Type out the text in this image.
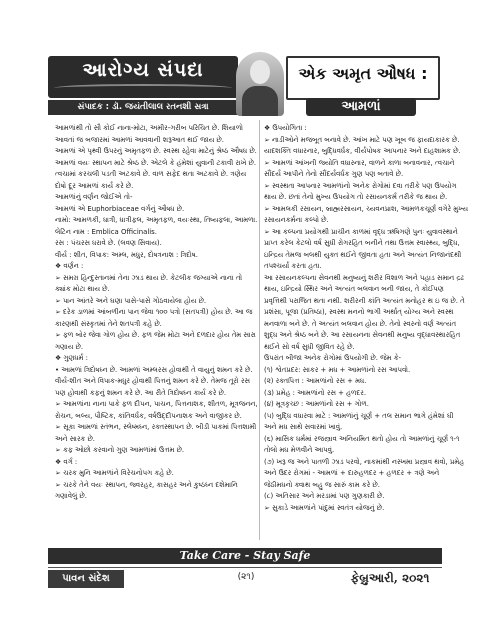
આરોગ્ય સંપદા
સંપાદક : ડૉ. જયંતીલાલ રતનશી સત્રા
એક અમૃત ઔષધ :
આમળાં

આમળાંથી તો સૌ કોઈ નાના-મોટા, અમીર-ગરીબ પરિચિત છે. શિયાળો આવતાં જ બજારમાં આમળાં આવવાની શરૂઆત થઈ જાય છે.

આમળાં એ પૃથ્વી ઉપરનું અમૃતફળ છે. સ્વસ્થ રહેવા માટેનું શ્રેષ્ઠ ઔષધ છે. આમળાં વયઃ સ્થાપન માટે શ્રેષ્ઠ છે. એટલે કે હંમેશાં યુવાની ટકાવી રાખે છે. ત્વચામાં કરચલી પડતી અટકાવે છે. વાળ સફેદ થતા અટકાવે છે. ત્રણેય દોષો દૂર આમળાં કાર્ય કરે છે.

આમળાંનું વર્ણન જોઈએ તો-

આમળાં એ Euphorbiaceae વર્ગનું ઔષધ છે.

નામો: આમળકી, ધાત્રી, ધાત્રીફલ, અમૃતફળ, વયઃસ્થા, તિષ્યફલા, આમળા.

લેટિન નામ : Emblica Officinalis.

રસ : પંચરસ ધરાવે છે. (લવણ સિવાય).

વીર્ય : શીત, વિપાક: અમ્લ, મધુર, દોષત્રનાશ : ત્રિદોષ.

❖ વર્ણન :

➢ સમગ્ર હિન્દુસ્તાનમાં તેના ઝાડ થાય છે. કેટલીક જગ્યાએ નાના તો ક્યાંક મોટા થાય છે.

➢ પાન આંતરે અને ઘણા પાસે-પાસે ગોઠવાયેલા હોય છે.

➢ દરેક ડાળમાં આંબળીના પાન જેવા ૧૦૦ પત્રો (સતપત્રી) હોય છે. આ જ કારણથી સંસ્કૃતમાં તેને શતપત્રી કહે છે.

➢ ફળ બોર જેવા ગોળ હોય છે. ફળ જેમ મોટા અને દળદાર હોય તેમ સારા ગણાય છે.

❖ ગુણધર્મ :

• આમળાં ત્રિદોષઘ્ન છે. આમળાં અમ્લરસ હોવાથી તે વાયુનું શમન કરે છે. વીર્ય-શીત અને વિપાક-મધુર હોવાથી પિત્તનું શમન કરે છે. તેમજ તૂરો રસ પણ હોવાથી કફનું શમન કરે છે. આ રીતે ત્રિદોષઘ્ન કાર્ય કરે છે.

➢ આમળાંના નાના પાકે ફળ દીપન, પાચન, પિત્તનાશક, શીતળ, મૂત્રજનન, રોચન, બલ્ય, પૌષ્ટિક, કાંતિવર્ધક, વર્ષઉદ્દીપનાશક અને વાજીકર છે.

➢ સૂકા આમળાં સ્તંભન, સ્લેષ્મઘ્ન, રક્તસ્થાપન છે. બીડી પાકમાં પિત્તશામી અને સારક છે.

➢ કફ ઓછો કરવાનો ગુણ આમળાંમાં ઉત્તમ છે.

❖ વર્ગ :

➢ ચરક મુનિ આમળાંને વિરેચનોપગ કહે છે.

➢ ચરકે તેને વયઃ સ્થાપન, જ્વરહર, કાસહર અને કુષ્ઠઘ્ન દશેમાનિ ગણાવેલું છે.

❖ ઉપયોગિતા :

➢ નાડીઓને મજબૂત બનાવે છે. આંખ માટે પણ ખૂબ જ ફાયદાકારક છે. યાદશક્તિ વધારનાર, બુદ્ધિવર્ધક, વીર્યપોષક આપનાર અને દાહશામક છે.

➢ આમળાં આંખની જ્યોતિ વધારનાર, વાળને કાળા બનાવનાર, ત્વચાને સૌંદર્ય આપીને તેનો સૌંદર્યવર્ધક ગુણ પણ બતાવે છે.

➢ સ્વસ્થતા આપનાર આમળાંનો અનેક રોગોમાં દવા તરીકે પણ ઉપયોગ થાય છે. છતાં તેનો મુખ્ય ઉપયોગ તો રસાયનકર્મ તરીકે જ થાય છે.

➢ આમલકી રસાયન, બ્રાહ્મરસાયન, ચ્યવનપ્રાશ, આમળકચૂર્ણ વગેરે મુખ્ય રસાયનકર્મના કલ્પો છે.

➢ આ કલ્પના પ્રયોગથી પ્રાચીન કાળમાં વૃદ્ધ ઋષિગણે પુનઃ યુવાવસ્થાને પ્રાપ્ત કરેલ કેટલો વર્ષ સુધી રોગરહિત બનીને તથા ઉત્તમ સ્વાસ્થ્ય, બુદ્ધિ, ઇન્દ્રિય તેમજ બલથી યુક્ત થઈને જીવતા હતા અને અત્યંત નિજાનંદથી તપશ્ચર્યા કરતા હતા.

આ રસાયનકલ્પના સેવનથી મનુષ્યનું શરીર વિશાળ અને પહાડ સમાન દ્રઢ થાય, ઇન્દ્રિયો સ્થિર અને અત્યંત બલવાન બની જાય, તે કોઈપણ પ્રવૃત્તિથી પરાજિત થતા નથી. શરીરની કાંતિ અત્યંત મનોહર થ ઇ જ છે. તે પ્રશંસા, પૂજા (પ્રતિષ્ઠા), સ્વસ્થ મનનો ભાગી અર્થાત્ યોગ્ય અને સ્વસ્થ મનવાળા બને છે. તે અત્યંત બલવાન હોય છે. તેનો સ્વરનો વર્ણ અત્યંત શુદ્ધ અને શ્રેષ્ઠ બને છે. આ રસાયનના સેવનથી મનુષ્ય વૃદ્ધાવસ્થારહિત થઈને સો વર્ષ સુધી જીવિત રહે છે.

ઉપરાંત બીજા અનેક રોગોમાં ઉપયોગી છે. જેમ કે-

(૧) શ્વેતપ્રદર: સાકર + મધ + આમળાંનો રસ આપવો.

(૨) રક્તપિત્ત : આમળાંનો રસ + મધ.

(૩) પ્રમેહ : આમળાંનો રસ + હળદર.

(૪) મૂત્રકૃચ્છ : આમળાંનો રસ + ગોળ.

(૫) બુદ્ધિ વધારવા માટે : આમળાંનું ચૂર્ણ + તલ સમાન ભાગે હંમેશાં ઘી અને મધ સાથે સવારમાં ખાવું.

(૬) માસિક ધર્મમાં રજસ્ત્રાવ અનિયમિત થતો હોય તો આમળાંનું ચૂર્ણ ૧-૧ તોલો મધ મેળવીને આપવું.

(૭) ખરૂ જ અને પાતળી ઝાડ પરવો, નાકમાંથી નસ્ખમા પ્રસ્ત્રાવ થવો, પ્રમેહ અને ઉદર રોગમાં - આમળાં + દારુહળદર + હળદર + ત્રણે અને જેઠીમધનો ક્વાથ બહુ જ સારું કામ કરે છે.

(૮) અતિસાર અને મરડામાં પણ ગુણકારી છે.

➢ સુકાડે આમળાંને પાંદુમાં સ્વતંત્ર યોજનું છે.

Take Care - Stay Safe
પાવન સંદેશ	(૨૧)	ફેબ્રુઆરી, ૨૦૨૧
